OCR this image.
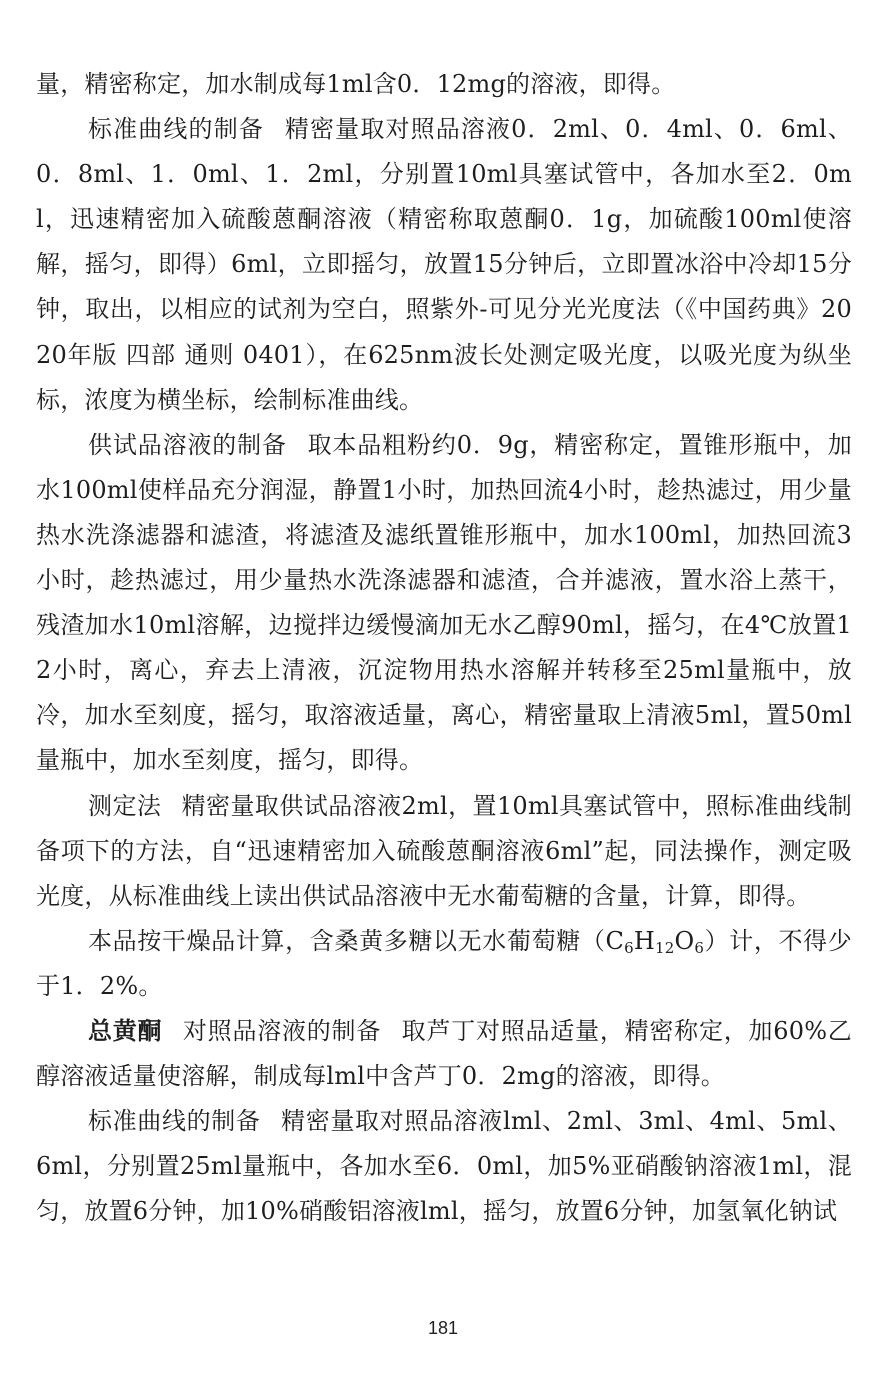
量，精密称定，加水制成每1ml含0．12mg的溶液，即得。

标准曲线的制备 精密量取对照品溶液0．2ml、0．4ml、0．6ml、0．8ml、1．0ml、1．2ml，分别置10ml具塞试管中，各加水至2．0ml，迅速精密加入硫酸蒽酮溶液（精密称取蒽酮0．1g，加硫酸100ml使溶解，摇匀，即得）6ml，立即摇匀，放置15分钟后，立即置冰浴中冷却15分钟，取出，以相应的试剂为空白，照紫外-可见分光光度法（《中国药典》2020年版 四部 通则 0401），在625nm波长处测定吸光度，以吸光度为纵坐标，浓度为横坐标，绘制标准曲线。

供试品溶液的制备 取本品粗粉约0．9g，精密称定，置锥形瓶中，加水100ml使样品充分润湿，静置1小时，加热回流4小时，趁热滤过，用少量热水洗涤滤器和滤渣，将滤渣及滤纸置锥形瓶中，加水100ml，加热回流3小时，趁热滤过，用少量热水洗涤滤器和滤渣，合并滤液，置水浴上蒸干，残渣加水10ml溶解，边搅拌边缓慢滴加无水乙醇90ml，摇匀，在4℃放置12小时，离心，弃去上清液，沉淀物用热水溶解并转移至25ml量瓶中，放冷，加水至刻度，摇匀，取溶液适量，离心，精密量取上清液5ml，置50ml量瓶中，加水至刻度，摇匀，即得。

测定法 精密量取供试品溶液2ml，置10ml具塞试管中，照标准曲线制备项下的方法，自“迅速精密加入硫酸蒽酮溶液6ml”起，同法操作，测定吸光度，从标准曲线上读出供试品溶液中无水葡萄糖的含量，计算，即得。

本品按干燥品计算，含桑黄多糖以无水葡萄糖$(C_6H_{12}O_6)$计，不得少于1．2%。

总黄酮 对照品溶液的制备 取芦丁对照品适量，精密称定，加60%乙醇溶液适量使溶解，制成每lml中含芦丁0．2mg的溶液，即得。

标准曲线的制备 精密量取对照品溶液lml、2ml、3ml、4ml、5ml、6ml，分别置25ml量瓶中，各加水至6．0ml，加5%亚硝酸钠溶液1ml，混匀，放置6分钟，加10%硝酸铝溶液lml，摇匀，放置6分钟，加氢氧化钠试

181
